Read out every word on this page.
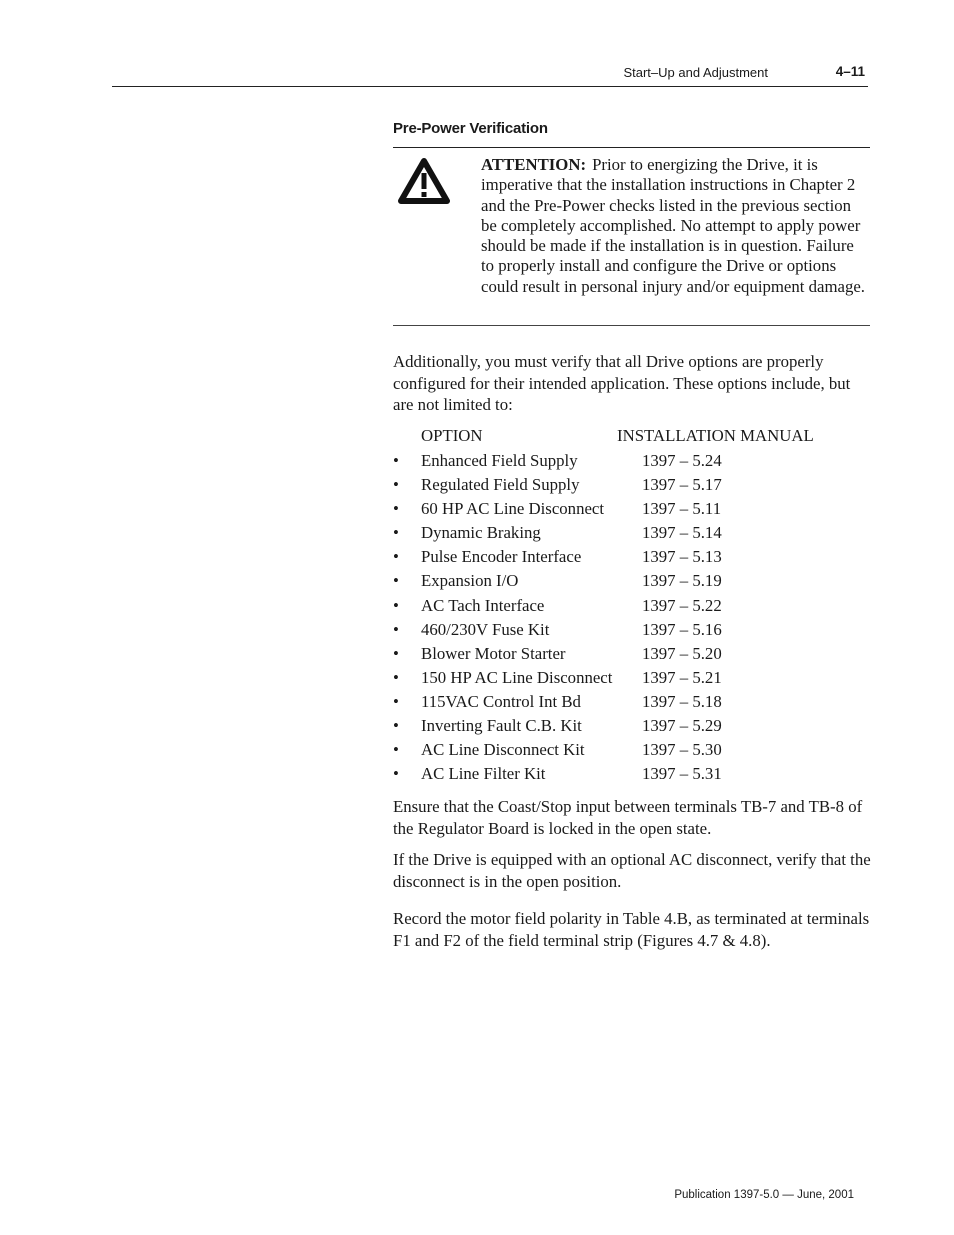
Start–Up and Adjustment	4–11
Pre-Power Verification
ATTENTION: Prior to energizing the Drive, it is imperative that the installation instructions in Chapter 2 and the Pre-Power checks listed in the previous section be completely accomplished. No attempt to apply power should be made if the installation is in question. Failure to properly install and configure the Drive or options could result in personal injury and/or equipment damage.

Additionally, you must verify that all Drive options are properly configured for their intended application. These options include, but are not limited to:

OPTION	INSTALLATION MANUAL
• Enhanced Field Supply	1397 – 5.24
• Regulated Field Supply	1397 – 5.17
• 60 HP AC Line Disconnect 1397 – 5.11
• Dynamic Braking	1397 – 5.14
• Pulse Encoder Interface	1397 – 5.13
• Expansion I/O	1397 – 5.19
• AC Tach Interface	1397 – 5.22
• 460/230V Fuse Kit	1397 – 5.16
• Blower Motor Starter	1397 – 5.20
• 150 HP AC Line Disconnect 1397 – 5.21
• 115VAC Control Int Bd	1397 – 5.18
• Inverting Fault C.B. Kit	1397 – 5.29
• AC Line Disconnect Kit	1397 – 5.30
• AC Line Filter Kit	1397 – 5.31

Ensure that the Coast/Stop input between terminals TB-7 and TB-8 of the Regulator Board is locked in the open state.

If the Drive is equipped with an optional AC disconnect, verify that the disconnect is in the open position.

Record the motor field polarity in Table 4.B, as terminated at terminals F1 and F2 of the field terminal strip (Figures 4.7 & 4.8).

Publication 1397-5.0 — June, 2001
